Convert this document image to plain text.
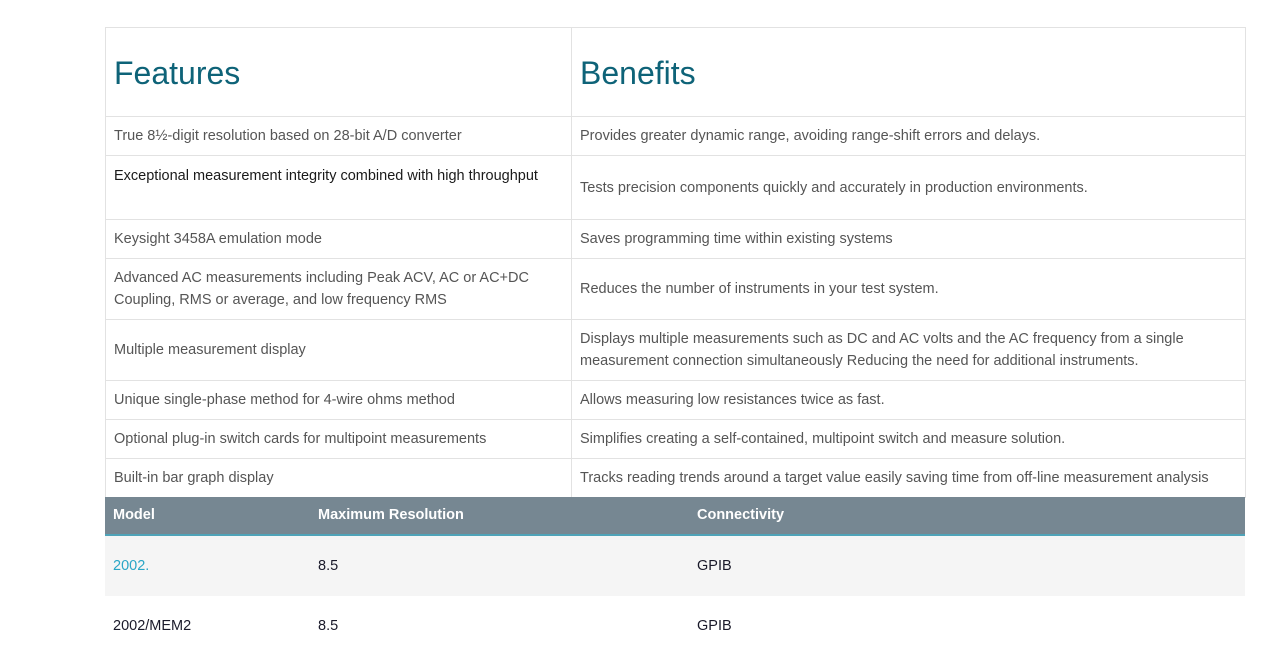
Features	Benefits
True 8½-digit resolution based on 28-bit A/D converter	Provides greater dynamic range, avoiding range-shift errors and delays.
Exceptional measurement integrity combined with high throughput	Tests precision components quickly and accurately in production environments.
Keysight 3458A emulation mode	Saves programming time within existing systems
Advanced AC measurements including Peak ACV, AC or AC+DC Coupling, RMS or average, and low frequency RMS	Reduces the number of instruments in your test system.
Multiple measurement display	Displays multiple measurements such as DC and AC volts and the AC frequency from a single measurement connection simultaneously Reducing the need for additional instruments.
Unique single-phase method for 4-wire ohms method	Allows measuring low resistances twice as fast.
Optional plug-in switch cards for multipoint measurements	Simplifies creating a self-contained, multipoint switch and measure solution.
Built-in bar graph display	Tracks reading trends around a target value easily saving time from off-line measurement analysis
Model	Maximum Resolution	Connectivity
2002.	8.5	GPIB
2002/MEM2	8.5	GPIB
